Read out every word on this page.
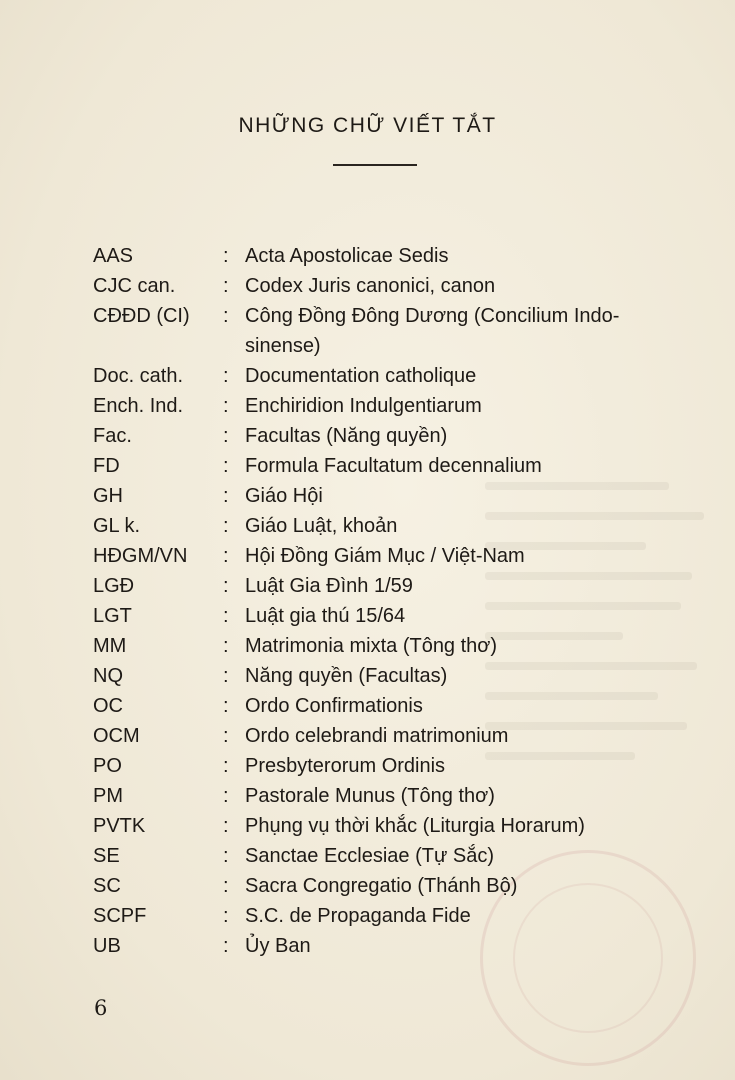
NHỮNG CHỮ VIẾT TẮT
AAS	: Acta Apostolicae Sedis
CJC can.	: Codex Juris canonici, canon
CĐĐD (CI)	: Công Đồng Đông Dương (Concilium Indo-sinense)
Doc. cath.	: Documentation catholique
Ench. Ind.	: Enchiridion Indulgentiarum
Fac.	: Facultas (Năng quyền)
FD	: Formula Facultatum decennalium
GH	: Giáo Hội
GL k.	: Giáo Luật, khoản
HĐGM/VN	: Hội Đồng Giám Mục / Việt-Nam
LGĐ	: Luật Gia Đình 1/59
LGT	: Luật gia thú 15/64
MM	: Matrimonia mixta (Tông thơ)
NQ	: Năng quyền (Facultas)
OC	: Ordo Confirmationis
OCM	: Ordo celebrandi matrimonium
PO	: Presbyterorum Ordinis
PM	: Pastorale Munus (Tông thơ)
PVTK	: Phụng vụ thời khắc (Liturgia Horarum)
SE	: Sanctae Ecclesiae (Tự Sắc)
SC	: Sacra Congregatio (Thánh Bộ)
SCPF	: S.C. de Propaganda Fide
UB	: Ủy Ban
6
